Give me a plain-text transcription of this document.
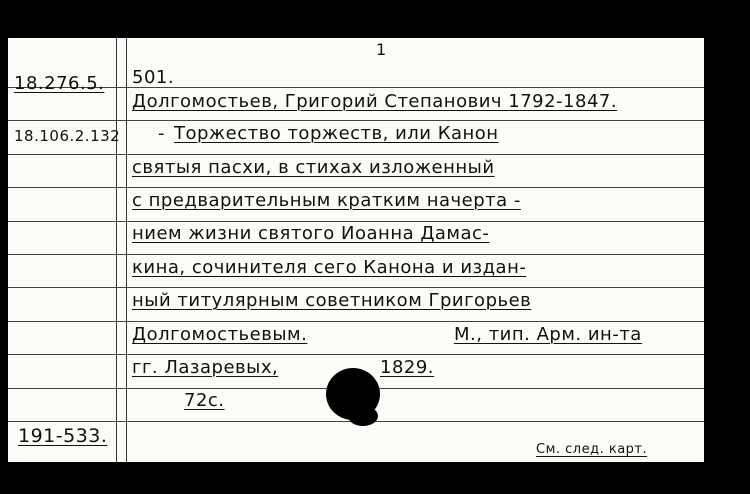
1
18.276.5. 501.
Долгомостьев, Григорий Степанович 1792-1847.
18.106.2.132 - Торжество торжеств, или Канон
святыя пасхи, в стихах изложенный
с предварительным кратким начерта -
нием жизни святого Иоанна Дамас-
кина, сочинителя сего Канона и издан-
ный титулярным советником Григорьев
Долгомостьевым.	М., тип. Арм. ин-та
гг. Лазаревых,	1829.
72с.
191-533.
См. след. карт.
